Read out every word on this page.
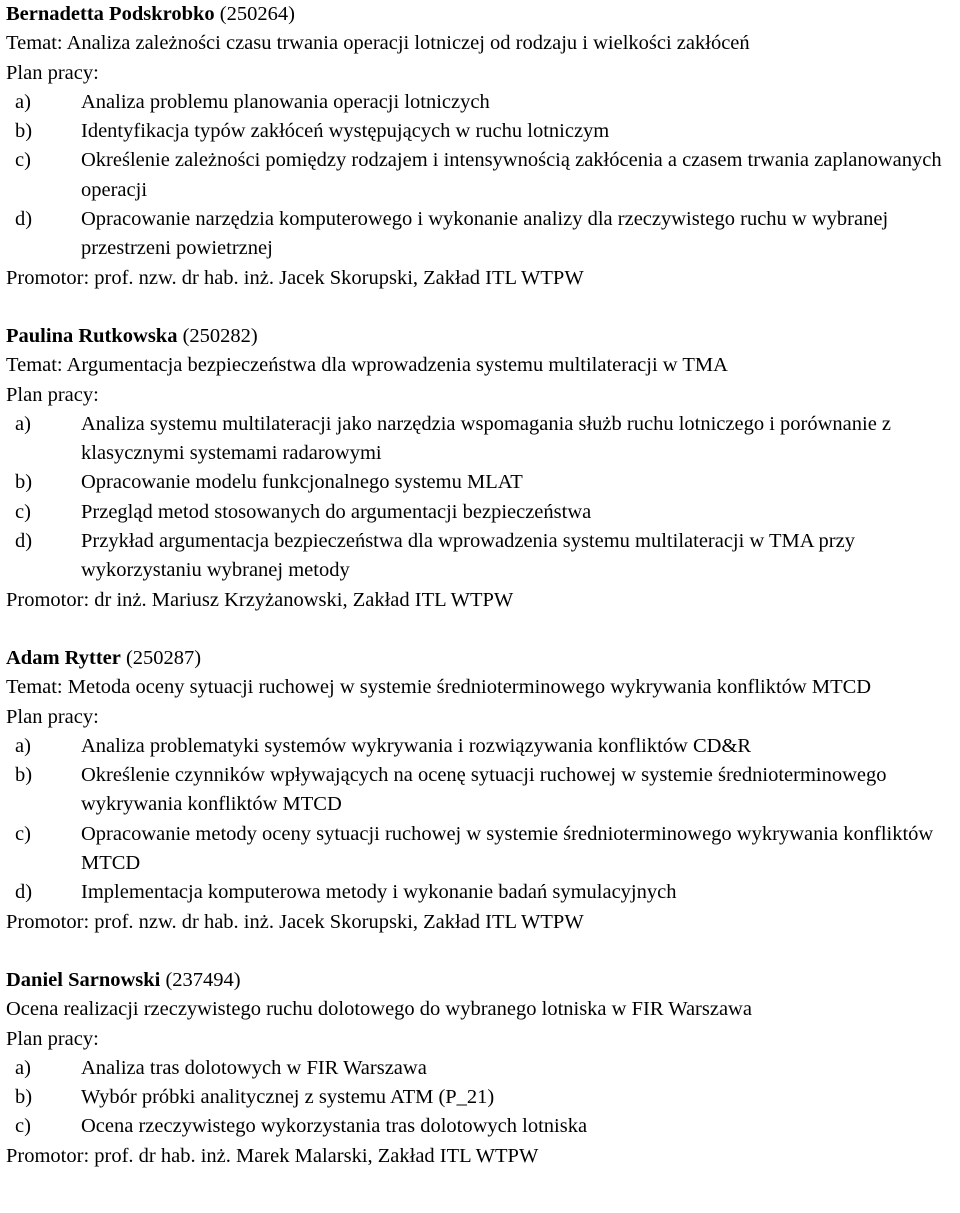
Bernadetta Podskrobko (250264)
Temat: Analiza zależności czasu trwania operacji lotniczej od rodzaju i wielkości zakłóceń
Plan pracy:
a)	Analiza problemu planowania operacji lotniczych
b)	Identyfikacja typów zakłóceń występujących w ruchu lotniczym
c)	Określenie zależności pomiędzy rodzajem i intensywnością zakłócenia a czasem trwania zaplanowanych operacji
d)	Opracowanie narzędzia komputerowego i wykonanie analizy dla rzeczywistego ruchu w wybranej przestrzeni powietrznej
Promotor: prof. nzw. dr hab. inż. Jacek Skorupski, Zakład ITL WTPW
Paulina Rutkowska (250282)
Temat: Argumentacja bezpieczeństwa dla wprowadzenia systemu multilateracji w TMA
Plan pracy:
a)	Analiza systemu multilateracji jako narzędzia wspomagania służb ruchu lotniczego i porównanie z klasycznymi systemami radarowymi
b)	Opracowanie modelu funkcjonalnego systemu MLAT
c)	Przegląd metod stosowanych do argumentacji bezpieczeństwa
d)	Przykład argumentacja bezpieczeństwa dla wprowadzenia systemu multilateracji w TMA przy wykorzystaniu wybranej metody
Promotor: dr inż. Mariusz Krzyżanowski, Zakład ITL WTPW
Adam Rytter (250287)
Temat: Metoda oceny sytuacji ruchowej w systemie średnioterminowego wykrywania konfliktów MTCD
Plan pracy:
a)	Analiza problematyki systemów wykrywania i rozwiązywania konfliktów CD&R
b)	Określenie czynników wpływających na ocenę sytuacji ruchowej w systemie średnioterminowego wykrywania konfliktów MTCD
c)	Opracowanie metody oceny sytuacji ruchowej w systemie średnioterminowego wykrywania konfliktów MTCD
d)	Implementacja komputerowa metody i wykonanie badań symulacyjnych
Promotor: prof. nzw. dr hab. inż. Jacek Skorupski, Zakład ITL WTPW
Daniel Sarnowski (237494)
Ocena realizacji rzeczywistego ruchu dolotowego do wybranego lotniska w FIR Warszawa
Plan pracy:
a)	Analiza tras dolotowych w FIR Warszawa
b)	Wybór próbki analitycznej z systemu ATM (P_21)
c)	Ocena rzeczywistego wykorzystania tras dolotowych lotniska
Promotor: prof. dr hab. inż. Marek Malarski, Zakład ITL WTPW
